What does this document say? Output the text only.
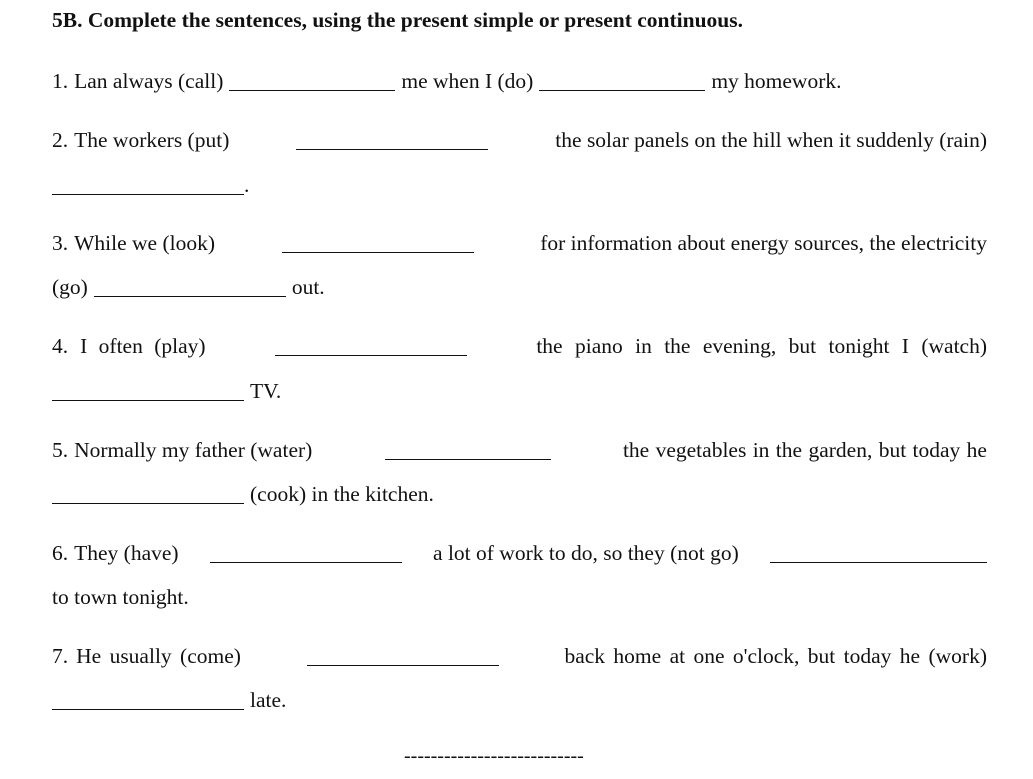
5B. Complete the sentences, using the present simple or present continuous.
1. Lan always (call)	me when I (do)	my homework.
2. The workers (put)	the solar panels on the hill when it suddenly (rain)
.
3. While we (look)	for information about energy sources, the electricity
(go)	out.
4. I often (play)	the piano in the evening, but tonight I (watch)
TV.
5. Normally my father (water)	the vegetables in the garden, but today he
(cook) in the kitchen.
6. They (have)	a lot of work to do, so they (not go)
to town tonight.
7. He usually (come)	back home at one o'clock, but today he (work)
late.
---------------------------
